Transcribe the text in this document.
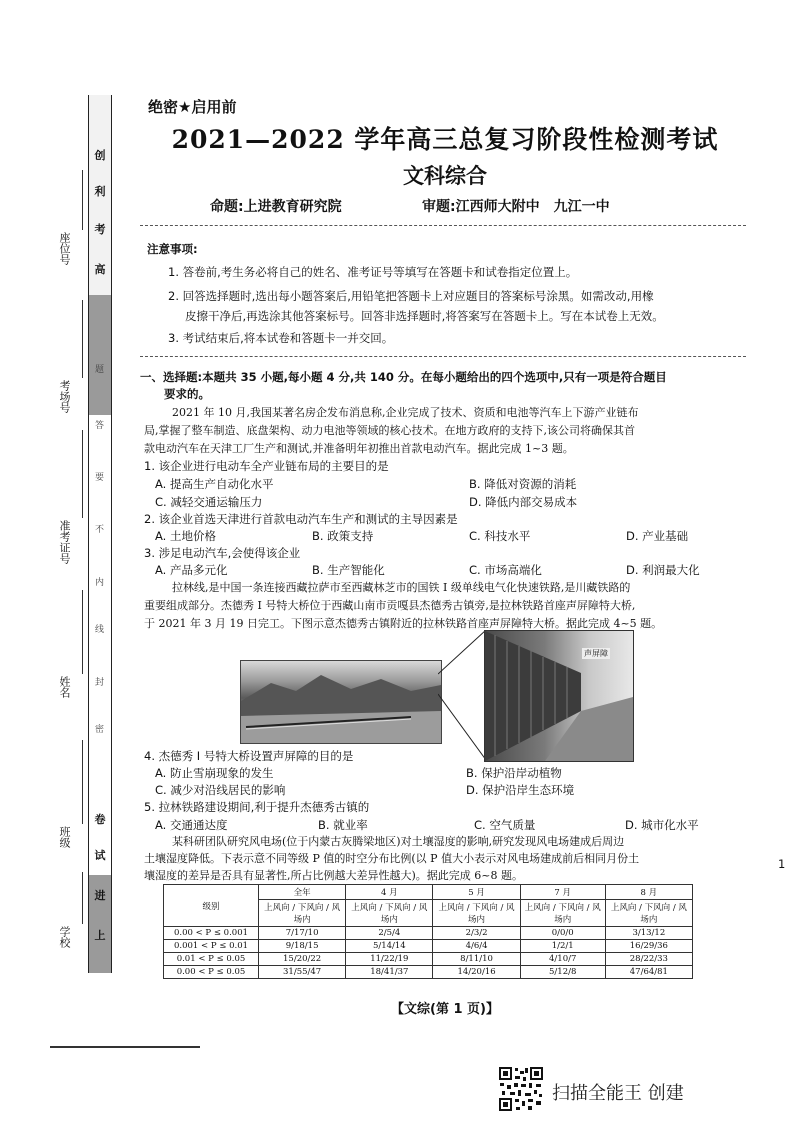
创
利
考
高
上
进
试
卷
题
答
要
不
内
线
封
密
座位号
考场号
准考证号
姓名
班级
学校
绝密★启用前
2021—2022 学年高三总复习阶段性检测考试
文科综合
命题:上进教育研究院	审题:江西师大附中　九江一中
注意事项:
1. 答卷前,考生务必将自己的姓名、准考证号等填写在答题卡和试卷指定位置上。
2. 回答选择题时,选出每小题答案后,用铅笔把答题卡上对应题目的答案标号涂黑。如需改动,用橡
皮擦干净后,再选涂其他答案标号。回答非选择题时,将答案写在答题卡上。写在本试卷上无效。
3. 考试结束后,将本试卷和答题卡一并交回。
一、选择题:本题共 35 小题,每小题 4 分,共 140 分。在每小题给出的四个选项中,只有一项是符合题目
要求的。
2021 年 10 月,我国某著名房企发布消息称,企业完成了技术、资质和电池等汽车上下游产业链布
局,掌握了整车制造、底盘架构、动力电池等领域的核心技术。在地方政府的支持下,该公司将确保其首
款电动汽车在天津工厂生产和测试,并准备明年初推出首款电动汽车。据此完成 1~3 题。
1. 该企业进行电动车全产业链布局的主要目的是
A. 提高生产自动化水平	B. 降低对资源的消耗
C. 减轻交通运输压力	D. 降低内部交易成本
2. 该企业首选天津进行首款电动汽车生产和测试的主导因素是
A. 土地价格	B. 政策支持	C. 科技水平	D. 产业基础
3. 涉足电动汽车,会使得该企业
A. 产品多元化	B. 生产智能化	C. 市场高端化	D. 利润最大化
拉林线,是中国一条连接西藏拉萨市至西藏林芝市的国铁 Ⅰ 级单线电气化快速铁路,是川藏铁路的
重要组成部分。杰德秀 Ⅰ 号特大桥位于西藏山南市贡嘎县杰德秀古镇旁,是拉林铁路首座声屏障特大桥,
于 2021 年 3 月 19 日完工。下图示意杰德秀古镇附近的拉林铁路首座声屏障特大桥。据此完成 4~5 题。
声屏障
4. 杰德秀 Ⅰ 号特大桥设置声屏障的目的是
A. 防止雪崩现象的发生	B. 保护沿岸动植物
C. 减少对沿线居民的影响	D. 保护沿岸生态环境
5. 拉林铁路建设期间,利于提升杰德秀古镇的
A. 交通通达度	B. 就业率	C. 空气质量	D. 城市化水平
某科研团队研究风电场(位于内蒙古灰腾梁地区)对土壤湿度的影响,研究发现风电场建成后周边
土壤湿度降低。下表示意不同等级 P 值的时空分布比例(以 P 值大小表示对风电场建成前后相同月份土
壤湿度的差异是否具有显著性,所占比例越大差异性越大)。据此完成 6~8 题。
1
级别	全年	4 月	5 月	7 月	8 月
	上风向 / 下风向 / 风场内	上风向 / 下风向 / 风场内	上风向 / 下风向 / 风场内	上风向 / 下风向 / 风场内	上风向 / 下风向 / 风场内
0.00 < P ≤ 0.001	7/17/10	2/5/4	2/3/2	0/0/0	3/13/12
0.001 < P ≤ 0.01	9/18/15	5/14/14	4/6/4	1/2/1	16/29/36
0.01 < P ≤ 0.05	15/20/22	11/22/19	8/11/10	4/10/7	28/22/33
0.00 < P ≤ 0.05	31/55/47	18/41/37	14/20/16	5/12/8	47/64/81
【文综(第 1 页)】
扫描全能王 创建
